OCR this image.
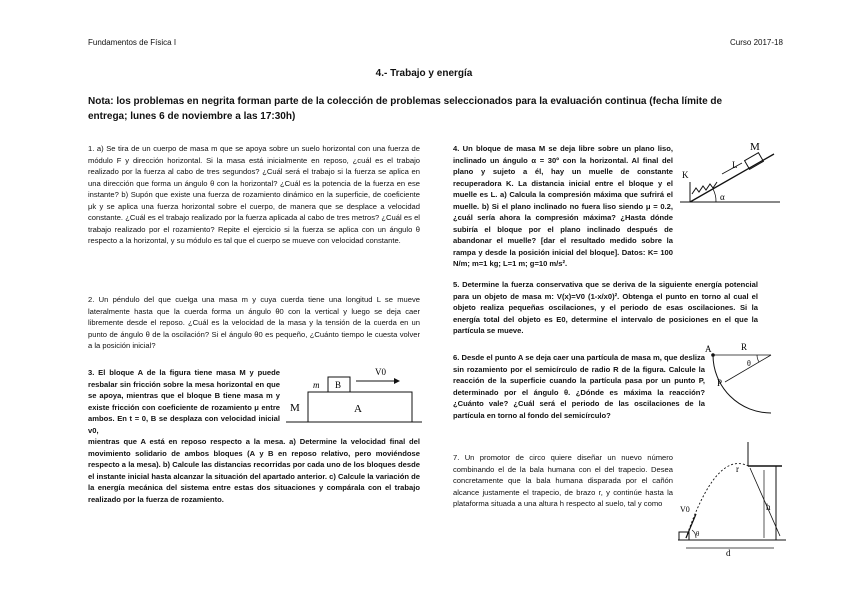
Fundamentos de Física I	Curso 2017-18
4.- Trabajo y energía
Nota: los problemas en negrita forman parte de la colección de problemas seleccionados para la evaluación continua (fecha límite de entrega; lunes 6 de noviembre a las 17:30h)
1. a) Se tira de un cuerpo de masa m que se apoya sobre un suelo horizontal con una fuerza de módulo F y dirección horizontal. Si la masa está inicialmente en reposo, ¿cuál es el trabajo realizado por la fuerza al cabo de tres segundos? ¿Cuál será el trabajo si la fuerza se aplica en una dirección que forma un ángulo θ con la horizontal? ¿Cuál es la potencia de la fuerza en ese instante? b) Supón que existe una fuerza de rozamiento dinámico en la superficie, de coeficiente μk y se aplica una fuerza horizontal sobre el cuerpo, de manera que se desplace a velocidad constante. ¿Cuál es el trabajo realizado por la fuerza aplicada al cabo de tres metros? ¿Cuál es el trabajo realizado por el rozamiento? Repite el ejercicio si la fuerza se aplica con un ángulo θ respecto a la horizontal, y su módulo es tal que el cuerpo se mueve con velocidad constante.
2. Un péndulo del que cuelga una masa m y cuya cuerda tiene una longitud L se mueve lateralmente hasta que la cuerda forma un ángulo θ0 con la vertical y luego se deja caer libremente desde el reposo. ¿Cuál es la velocidad de la masa y la tensión de la cuerda en un punto de ángulo θ de la oscilación? Si el ángulo θ0 es pequeño, ¿Cuánto tiempo le cuesta volver a la posición inicial?
3. El bloque A de la figura tiene masa M y puede resbalar sin fricción sobre la mesa horizontal en que se apoya, mientras que el bloque B tiene masa m y existe fricción con coeficiente de rozamiento μ entre ambos. En t = 0, B se desplaza con velocidad inicial v0,
mientras que A está en reposo respecto a la mesa. a) Determine la velocidad final del movimiento solidario de ambos bloques (A y B en reposo relativo, pero moviéndose respecto a la mesa). b) Calcule las distancias recorridas por cada uno de los bloques desde el instante inicial hasta alcanzar la situación del apartado anterior. c) Calcule la variación de la energía mecánica del sistema entre estas dos situaciones y compárala con el trabajo realizado por la fuerza de rozamiento.
B
m
M	A
V0
4. Un bloque de masa M se deja libre sobre un plano liso, inclinado un ángulo α = 30º con la horizontal. Al final del plano y sujeto a él, hay un muelle de constante recuperadora K. La distancia inicial entre el bloque y el muelle es L. a) Calcula la compresión máxima que sufrirá el muelle. b) Si el plano inclinado no fuera liso siendo μ = 0.2, ¿cuál sería ahora la compresión máxima? ¿Hasta dónde subiría el bloque por el plano inclinado después de abandonar el muelle? [dar el resultado medido sobre la rampa y desde la posición inicial del bloque]. Datos: K= 100 N/m; m=1 kg; L=1 m; g=10 m/s².
M
L
K
α
5. Determine la fuerza conservativa que se deriva de la siguiente energía potencial para un objeto de masa m: V(x)=V0 (1-x/x0)². Obtenga el punto en torno al cual el objeto realiza pequeñas oscilaciones, y el periodo de esas oscilaciones. Si la energía total del objeto es E0, determine el intervalo de posiciones en el que la partícula se mueve.
6. Desde el punto A se deja caer una partícula de masa m, que desliza sin rozamiento por el semicírculo de radio R de la figura. Calcule la reacción de la superficie cuando la partícula pasa por un punto P, determinado por el ángulo θ. ¿Dónde es máxima la reacción? ¿Cuánto vale? ¿Cuál será el periodo de las oscilaciones de la partícula en torno al fondo del semicírculo?
A	R
θ
P
7. Un promotor de circo quiere diseñar un nuevo número combinando el de la bala humana con el del trapecio. Desea concretamente que la bala humana disparada por el cañón alcance justamente el trapecio, de brazo r, y continúe hasta la plataforma situada a una altura h respecto al suelo, tal y como
r
h
V0
θ
d
